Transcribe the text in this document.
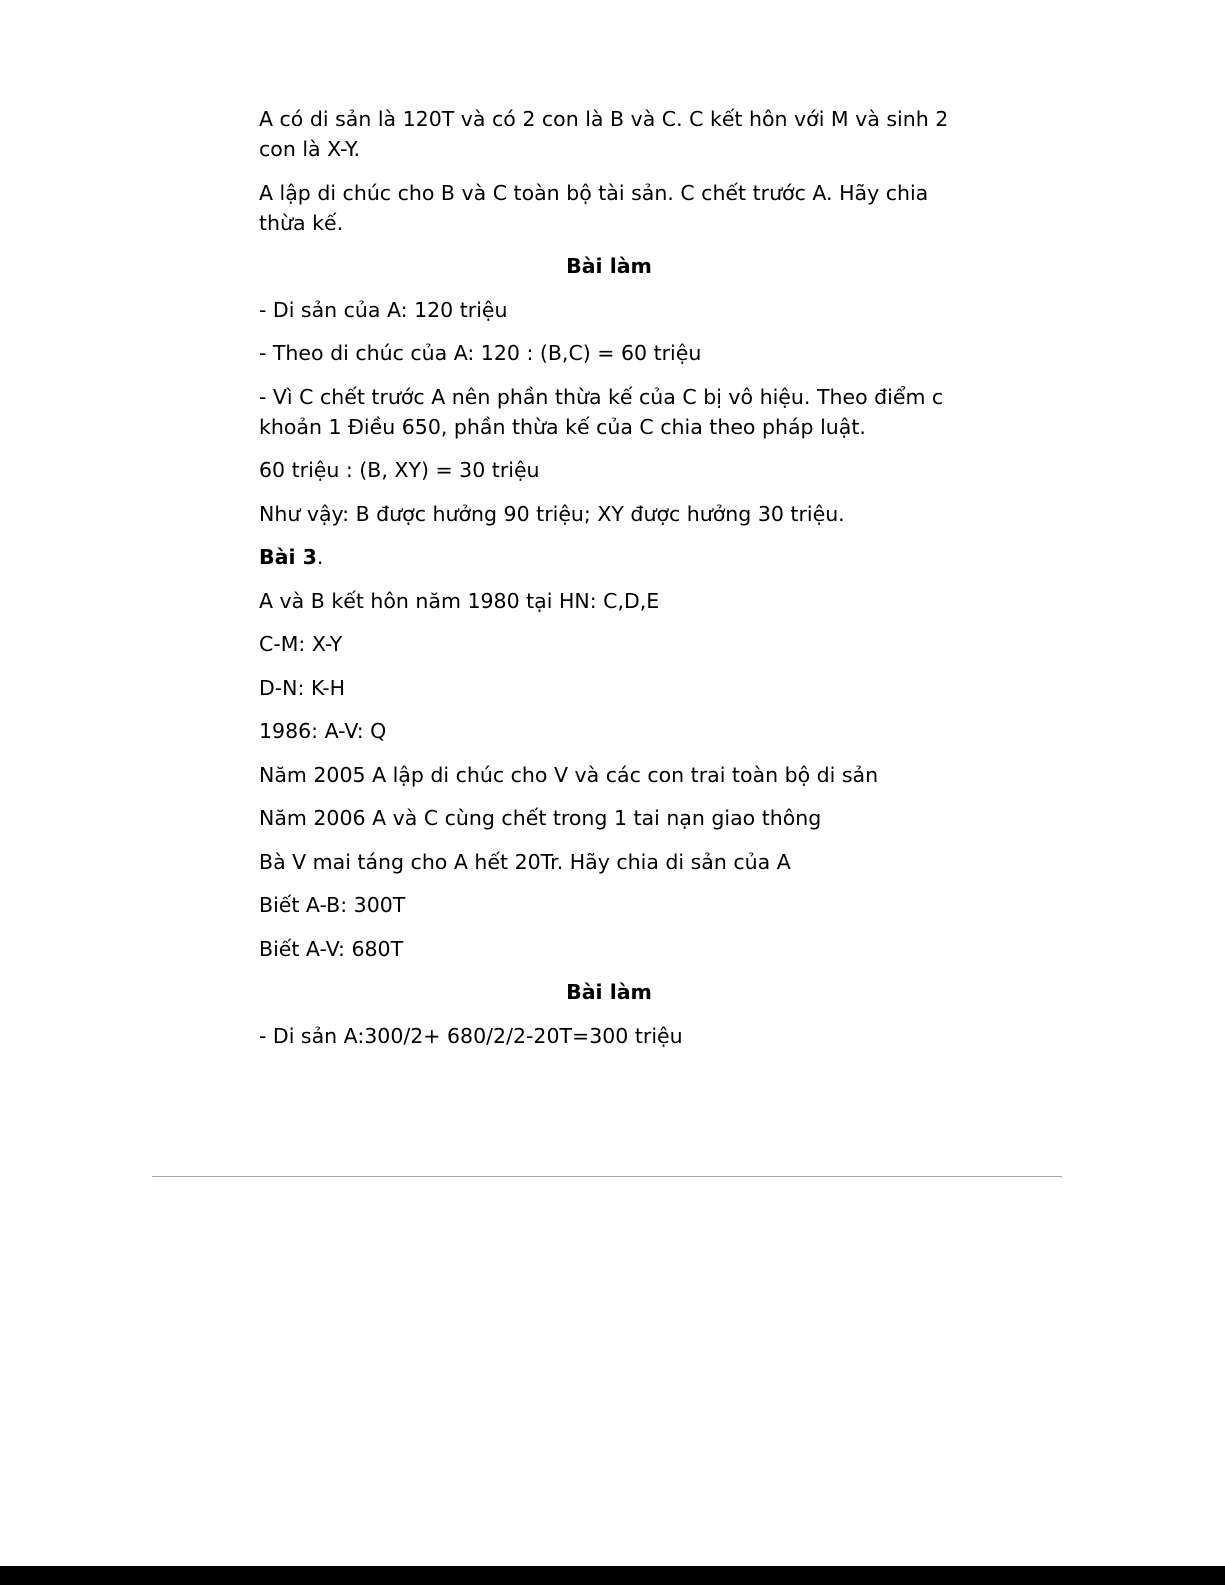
A có di sản là 120T và có 2 con là B và C. C kết hôn với M và sinh 2 con là X-Y.

A lập di chúc cho B và C toàn bộ tài sản. C chết trước A. Hãy chia thừa kế.

Bài làm

- Di sản của A: 120 triệu

- Theo di chúc của A: 120 : (B,C) = 60 triệu

- Vì C chết trước A nên phần thừa kế của C bị vô hiệu. Theo điểm c khoản 1 Điều 650, phần thừa kế của C chia theo pháp luật.

60 triệu : (B, XY) = 30 triệu

Như vậy: B được hưởng 90 triệu; XY được hưởng 30 triệu.

Bài 3.

A và B kết hôn năm 1980 tại HN: C,D,E

C-M: X-Y

D-N: K-H

1986: A-V: Q

Năm 2005 A lập di chúc cho V và các con trai toàn bộ di sản

Năm 2006 A và C cùng chết trong 1 tai nạn giao thông

Bà V mai táng cho A hết 20Tr. Hãy chia di sản của A

Biết A-B: 300T

Biết A-V: 680T

Bài làm

- Di sản A:300/2+ 680/2/2-20T=300 triệu
